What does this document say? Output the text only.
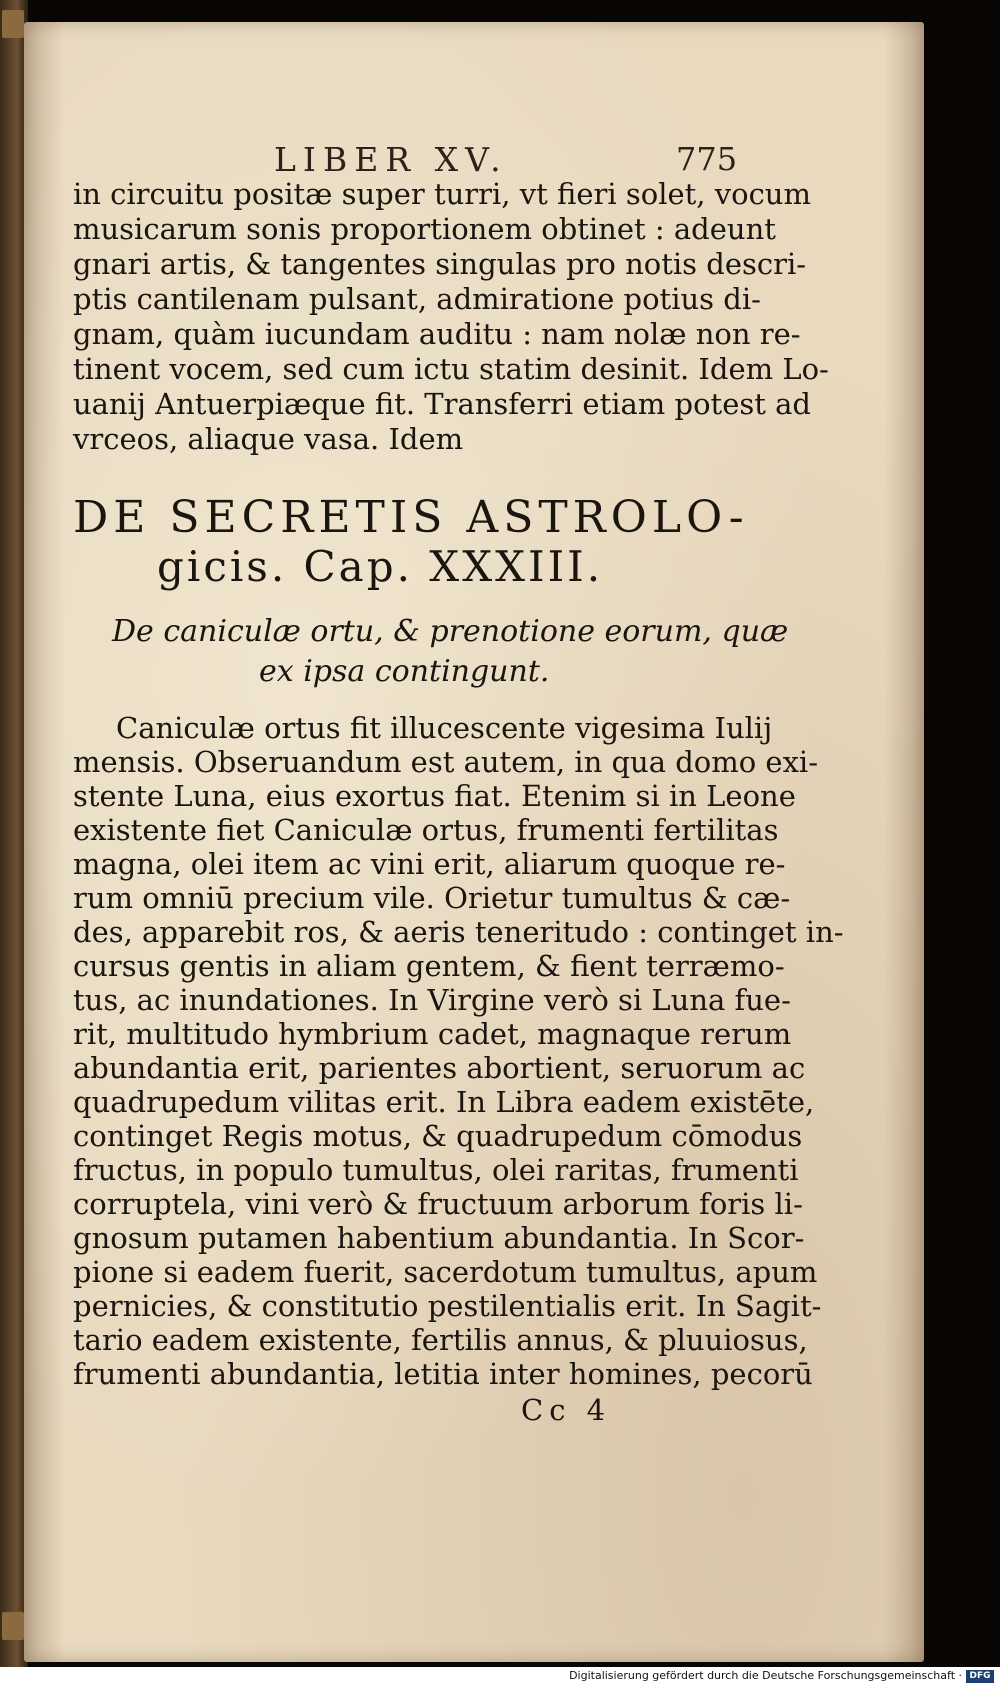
LIBER XV.	775

in circuitu positæ super turri, vt fieri solet, vocum

musicarum sonis proportionem obtinet : adeunt

gnari artis, & tangentes singulas pro notis descri-

ptis cantilenam pulsant, admiratione potius di-

gnam, quàm iucundam auditu : nam nolæ non re-

tinent vocem, sed cum ictu statim desinit. Idem Lo-

uanij Antuerpiæque fit. Transferri etiam potest ad

vrceos, aliaque vasa. Idem

DE SECRETIS ASTROLO-

gicis. Cap. XXXIII.

De caniculæ ortu, & prenotione eorum, quæ

ex ipsa contingunt.

Caniculæ ortus fit illucescente vigesima Iulij

mensis. Obseruandum est autem, in qua domo exi-

stente Luna, eius exortus fiat. Etenim si in Leone

existente fiet Caniculæ ortus, frumenti fertilitas

magna, olei item ac vini erit, aliarum quoque re-

rum omniū precium vile. Orietur tumultus & cæ-

des, apparebit ros, & aeris teneritudo : continget in-

cursus gentis in aliam gentem, & fient terræmo-

tus, ac inundationes. In Virgine verò si Luna fue-

rit, multitudo hymbrium cadet, magnaque rerum

abundantia erit, parientes abortient, seruorum ac

quadrupedum vilitas erit. In Libra eadem existēte,

continget Regis motus, & quadrupedum cōmodus

fructus, in populo tumultus, olei raritas, frumenti

corruptela, vini verò & fructuum arborum foris li-

gnosum putamen habentium abundantia. In Scor-

pione si eadem fuerit, sacerdotum tumultus, apum

pernicies, & constitutio pestilentialis erit. In Sagit-

tario eadem existente, fertilis annus, & pluuiosus,

frumenti abundantia, letitia inter homines, pecorū

Cc 4

Digitalisierung gefördert durch die Deutsche Forschungsgemeinschaft · DFG
